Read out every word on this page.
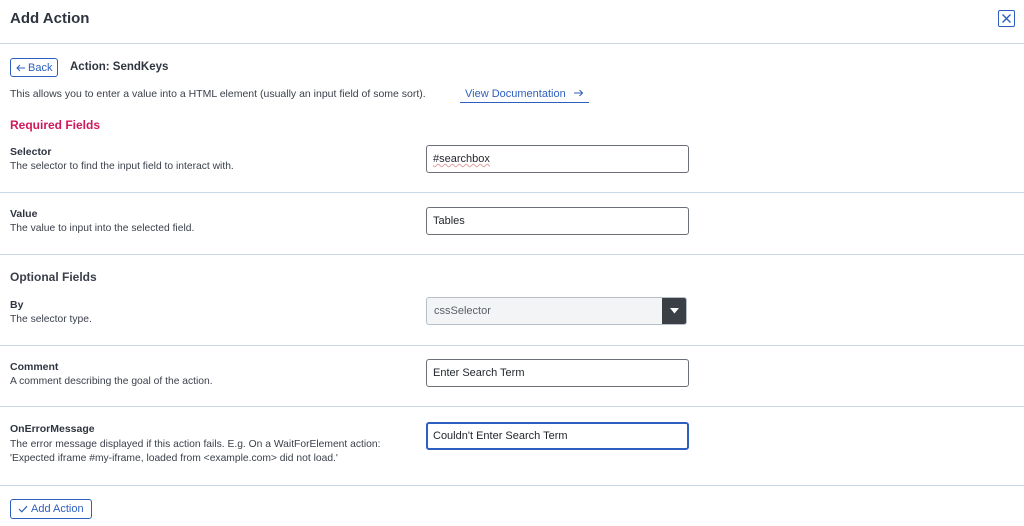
Add Action
Back Action: SendKeys
This allows you to enter a value into a HTML element (usually an input field of some sort).	View Documentation
Required Fields
Selector
The selector to find the input field to interact with.
#searchbox
Value
The value to input into the selected field.
Tables
Optional Fields
By
The selector type.
cssSelector
Comment
A comment describing the goal of the action.
Enter Search Term
OnErrorMessage
The error message displayed if this action fails. E.g. On a WaitForElement action:
'Expected iframe #my-iframe, loaded from <example.com> did not load.'
Couldn't Enter Search Term
Add Action
